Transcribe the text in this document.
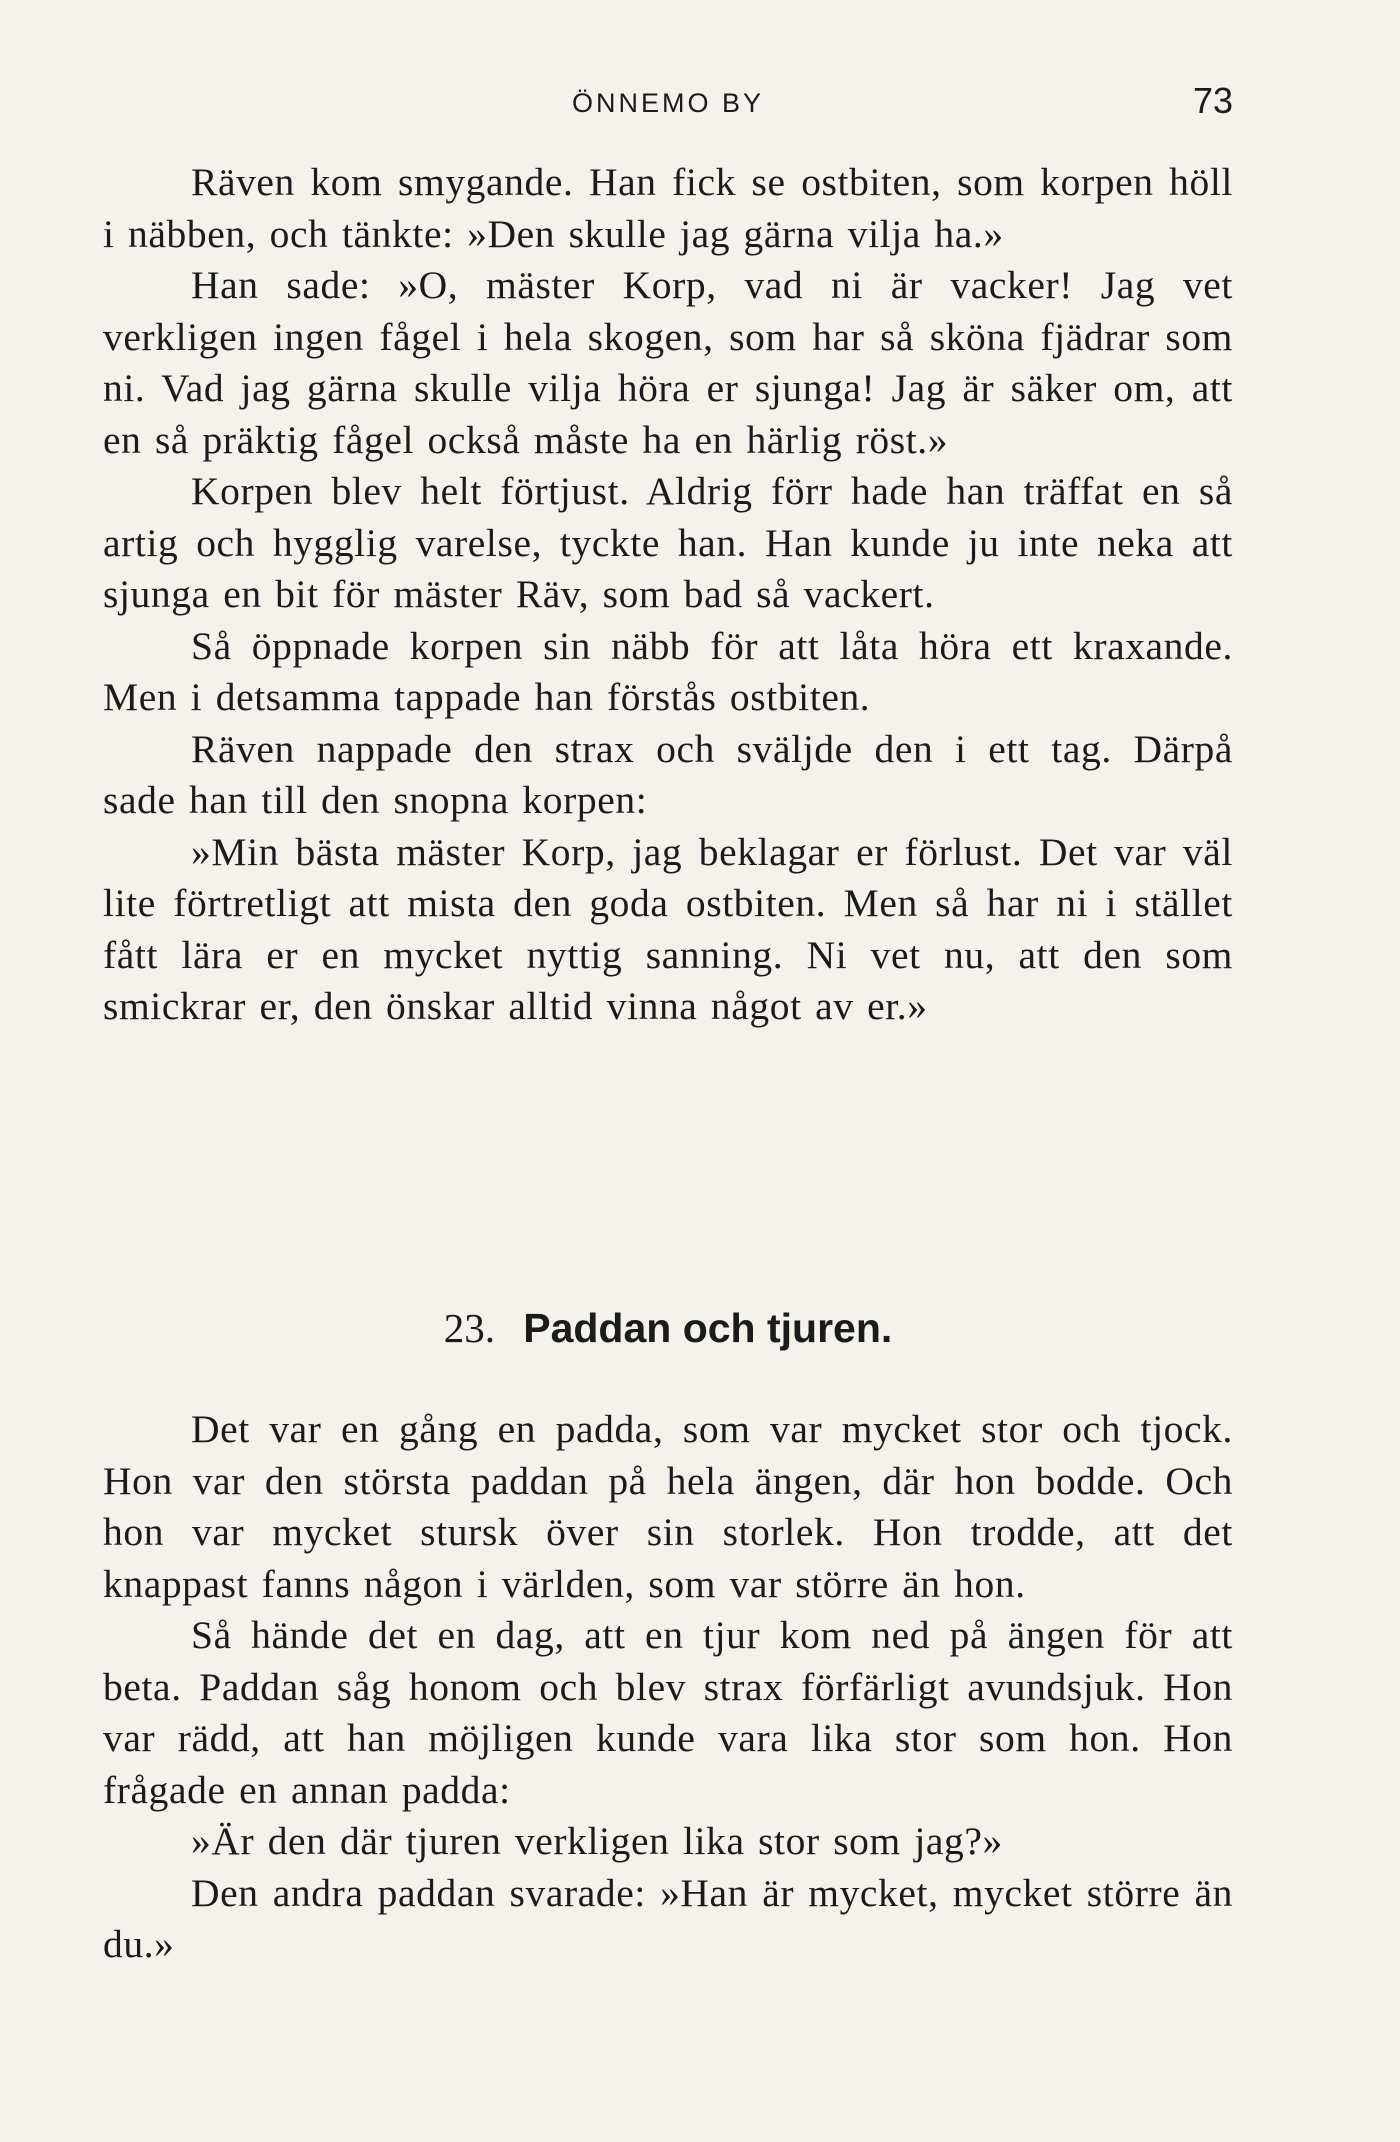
ÖNNEMO BY	73

Räven kom smygande. Han fick se ostbiten, som korpen höll i näbben, och tänkte: »Den skulle jag gärna vilja ha.»

Han sade: »O, mäster Korp, vad ni är vacker! Jag vet verkligen ingen fågel i hela skogen, som har så sköna fjädrar som ni. Vad jag gärna skulle vilja höra er sjunga! Jag är säker om, att en så präktig fågel också måste ha en härlig röst.»

Korpen blev helt förtjust. Aldrig förr hade han träffat en så artig och hygglig varelse, tyckte han. Han kunde ju inte neka att sjunga en bit för mäster Räv, som bad så vackert.

Så öppnade korpen sin näbb för att låta höra ett kraxande. Men i detsamma tappade han förstås ostbiten.

Räven nappade den strax och sväljde den i ett tag. Därpå sade han till den snopna korpen:

»Min bästa mäster Korp, jag beklagar er förlust. Det var väl lite förtretligt att mista den goda ostbiten. Men så har ni i stället fått lära er en mycket nyttig sanning. Ni vet nu, att den som smickrar er, den önskar alltid vinna något av er.»

23. Paddan och tjuren.

Det var en gång en padda, som var mycket stor och tjock. Hon var den största paddan på hela ängen, där hon bodde. Och hon var mycket stursk över sin storlek. Hon trodde, att det knappast fanns någon i världen, som var större än hon.

Så hände det en dag, att en tjur kom ned på ängen för att beta. Paddan såg honom och blev strax förfärligt avundsjuk. Hon var rädd, att han möjligen kunde vara lika stor som hon. Hon frågade en annan padda:

»Är den där tjuren verkligen lika stor som jag?»

Den andra paddan svarade: »Han är mycket, mycket större än du.»
